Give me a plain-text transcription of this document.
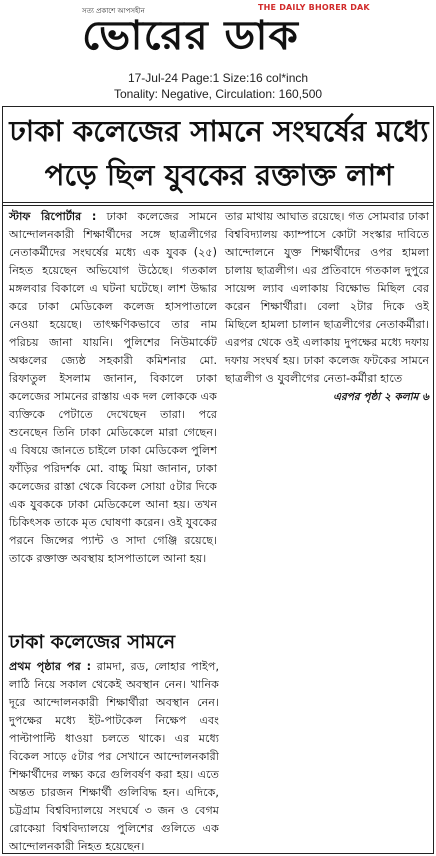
সত্য প্রকাশে আপসহীন	THE DAILY BHORER DAK
ভোরের ডাক
17-Jul-24 Page:1 Size:16 col*inch
Tonality: Negative, Circulation: 160,500
ঢাকা কলেজের সামনে সংঘর্ষের মধ্যে
পড়ে ছিল যুবকের রক্তাক্ত লাশ
স্টাফ রিপোর্টার : ঢাকা কলেজের সামনে আন্দোলনকারী শিক্ষার্থীদের সঙ্গে ছাত্রলীগের নেতাকর্মীদের সংঘর্ষের মধ্যে এক যুবক (২৫) নিহত হয়েছেন অভিযোগ উঠেছে। গতকাল মঙ্গলবার বিকালে এ ঘটনা ঘটেছে। লাশ উদ্ধার করে ঢাকা মেডিকেল কলেজ হাসপাতালে নেওয়া হয়েছে। তাৎক্ষণিকভাবে তার নাম পরিচয় জানা যায়নি। পুলিশের নিউমার্কেট অঞ্চলের জ্যেষ্ঠ সহকারী কমিশনার মো. রিফাতুল ইসলাম জানান, বিকালে ঢাকা কলেজের সামনের রাস্তায় এক দল লোককে এক ব্যক্তিকে পেটাতে দেখেছেন তারা। পরে শুনেছেন তিনি ঢাকা মেডিকেলে মারা গেছেন। এ বিষয়ে জানতে চাইলে ঢাকা মেডিকেল পুলিশ ফাঁড়ির পরিদর্শক মো. বাচ্চু মিয়া জানান, ঢাকা কলেজের রাস্তা থেকে বিকেল সোয়া ৫টার দিকে এক যুবককে ঢাকা মেডিকেলে আনা হয়। তখন চিকিৎসক তাকে মৃত ঘোষণা করেন। ওই যুবকের পরনে জিন্সের প্যান্ট ও সাদা গেঞ্জি রয়েছে। তাকে রক্তাক্ত অবস্থায় হাসপাতালে আনা হয়।
তার মাথায় আঘাত রয়েছে। গত সোমবার ঢাকা বিশ্ববিদ্যালয় ক্যাম্পাসে কোটা সংস্কার দাবিতে আন্দোলনে যুক্ত শিক্ষার্থীদের ওপর হামলা চালায় ছাত্রলীগ। এর প্রতিবাদে গতকাল দুপুরে সায়েন্স ল্যাব এলাকায় বিক্ষোভ মিছিল বের করেন শিক্ষার্থীরা। বেলা ২টার দিকে ওই মিছিলে হামলা চালান ছাত্রলীগের নেতাকর্মীরা। এরপর থেকে ওই এলাকায় দুপক্ষের মধ্যে দফায় দফায় সংঘর্ষ হয়। ঢাকা কলেজ ফটকের সামনে ছাত্রলীগ ও যুবলীগের নেতা-কর্মীরা হাতে
এরপর পৃষ্ঠা ২ কলাম ৬
ঢাকা কলেজের সামনে
প্রথম পৃষ্ঠার পর : রামদা, রড, লোহার পাইপ, লাঠি নিয়ে সকাল থেকেই অবস্থান নেন। খানিক দূরে আন্দোলনকারী শিক্ষার্থীরা অবস্থান নেন। দুপক্ষের মধ্যে ইট-পাটকেল নিক্ষেপ এবং পাল্টাপাল্টি ধাওয়া চলতে থাকে। এর মধ্যে বিকেল সাড়ে ৫টার পর সেখানে আন্দোলনকারী শিক্ষার্থীদের লক্ষ্য করে গুলিবর্ষণ করা হয়। এতে অন্তত চারজন শিক্ষার্থী গুলিবিদ্ধ হন। এদিকে, চট্টগ্রাম বিশ্ববিদ্যালয়ে সংঘর্ষে ৩ জন ও বেগম রোকেয়া বিশ্ববিদ্যালয়ে পুলিশের গুলিতে এক আন্দোলনকারী নিহত হয়েছেন।
